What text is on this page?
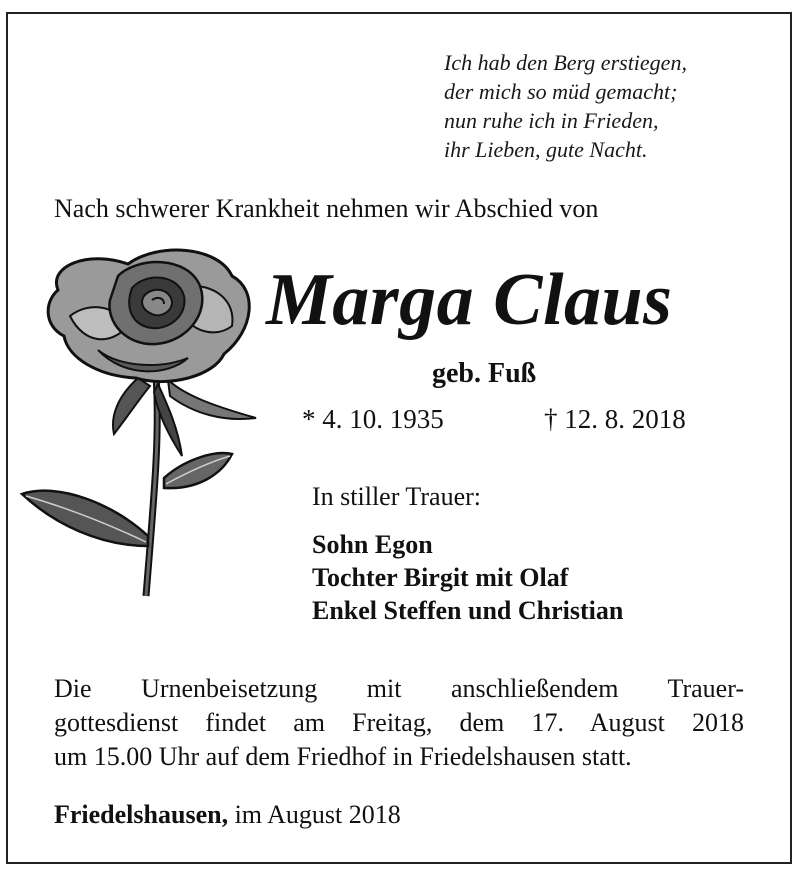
Ich hab den Berg erstiegen,
der mich so müd gemacht;
nun ruhe ich in Frieden,
ihr Lieben, gute Nacht.
Nach schwerer Krankheit nehmen wir Abschied von
Marga Claus
geb. Fuß
* 4. 10. 1935	† 12. 8. 2018
In stiller Trauer:
Sohn Egon
Tochter Birgit mit Olaf
Enkel Steffen und Christian
Die Urnenbeisetzung mit anschließendem Trauer-
gottesdienst findet am Freitag, dem 17. August 2018
um 15.00 Uhr auf dem Friedhof in Friedelshausen statt.
Friedelshausen, im August 2018
